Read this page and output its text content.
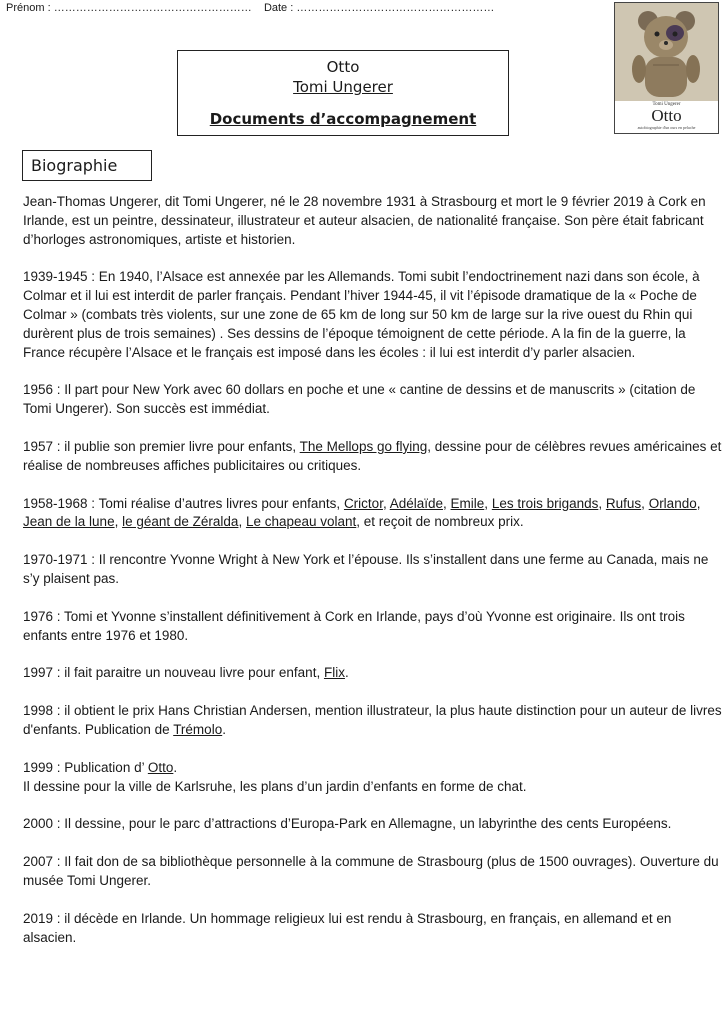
Prénom : ……………………………………………… Date : ………………………………………………
Otto
Tomi Ungerer
Documents d’accompagnement
Tomi Ungerer
Otto
autobiographie d'un ours en peluche
Biographie

Jean-Thomas Ungerer, dit Tomi Ungerer, né le 28 novembre 1931 à Strasbourg et mort le 9 février 2019 à Cork en Irlande, est un peintre, dessinateur, illustrateur et auteur alsacien, de nationalité française. Son père était fabricant d’horloges astronomiques, artiste et historien.

1939-1945 : En 1940, l’Alsace est annexée par les Allemands. Tomi subit l’endoctrinement nazi dans son école, à Colmar et il lui est interdit de parler français. Pendant l’hiver 1944-45, il vit l’épisode dramatique de la « Poche de Colmar » (combats très violents, sur une zone de 65 km de long sur 50 km de large sur la rive ouest du Rhin qui durèrent plus de trois semaines) . Ses dessins de l’époque témoignent de cette période. A la fin de la guerre, la France récupère l’Alsace et le français est imposé dans les écoles : il lui est interdit d’y parler alsacien.

1956 : Il part pour New York avec 60 dollars en poche et une « cantine de dessins et de manuscrits » (citation de Tomi Ungerer). Son succès est immédiat.

1957 : il publie son premier livre pour enfants, The Mellops go flying, dessine pour de célèbres revues américaines et réalise de nombreuses affiches publicitaires ou critiques.

1958-1968 : Tomi réalise d’autres livres pour enfants, Crictor, Adélaïde, Emile, Les trois brigands, Rufus, Orlando, Jean de la lune, le géant de Zéralda, Le chapeau volant, et reçoit de nombreux prix.

1970-1971 : Il rencontre Yvonne Wright à New York et l’épouse. Ils s’installent dans une ferme au Canada, mais ne s’y plaisent pas.

1976 : Tomi et Yvonne s’installent définitivement à Cork en Irlande, pays d’où Yvonne est originaire. Ils ont trois enfants entre 1976 et 1980.

1997 : il fait paraitre un nouveau livre pour enfant, Flix.

1998 : il obtient le prix Hans Christian Andersen, mention illustrateur, la plus haute distinction pour un auteur de livres d'enfants. Publication de Trémolo.

1999 : Publication d’ Otto.
Il dessine pour la ville de Karlsruhe, les plans d’un jardin d’enfants en forme de chat.

2000 : Il dessine, pour le parc d’attractions d’Europa-Park en Allemagne, un labyrinthe des cents Européens.

2007 : Il fait don de sa bibliothèque personnelle à la commune de Strasbourg (plus de 1500 ouvrages). Ouverture du musée Tomi Ungerer.

2019 : il décède en Irlande. Un hommage religieux lui est rendu à Strasbourg, en français, en allemand et en alsacien.
